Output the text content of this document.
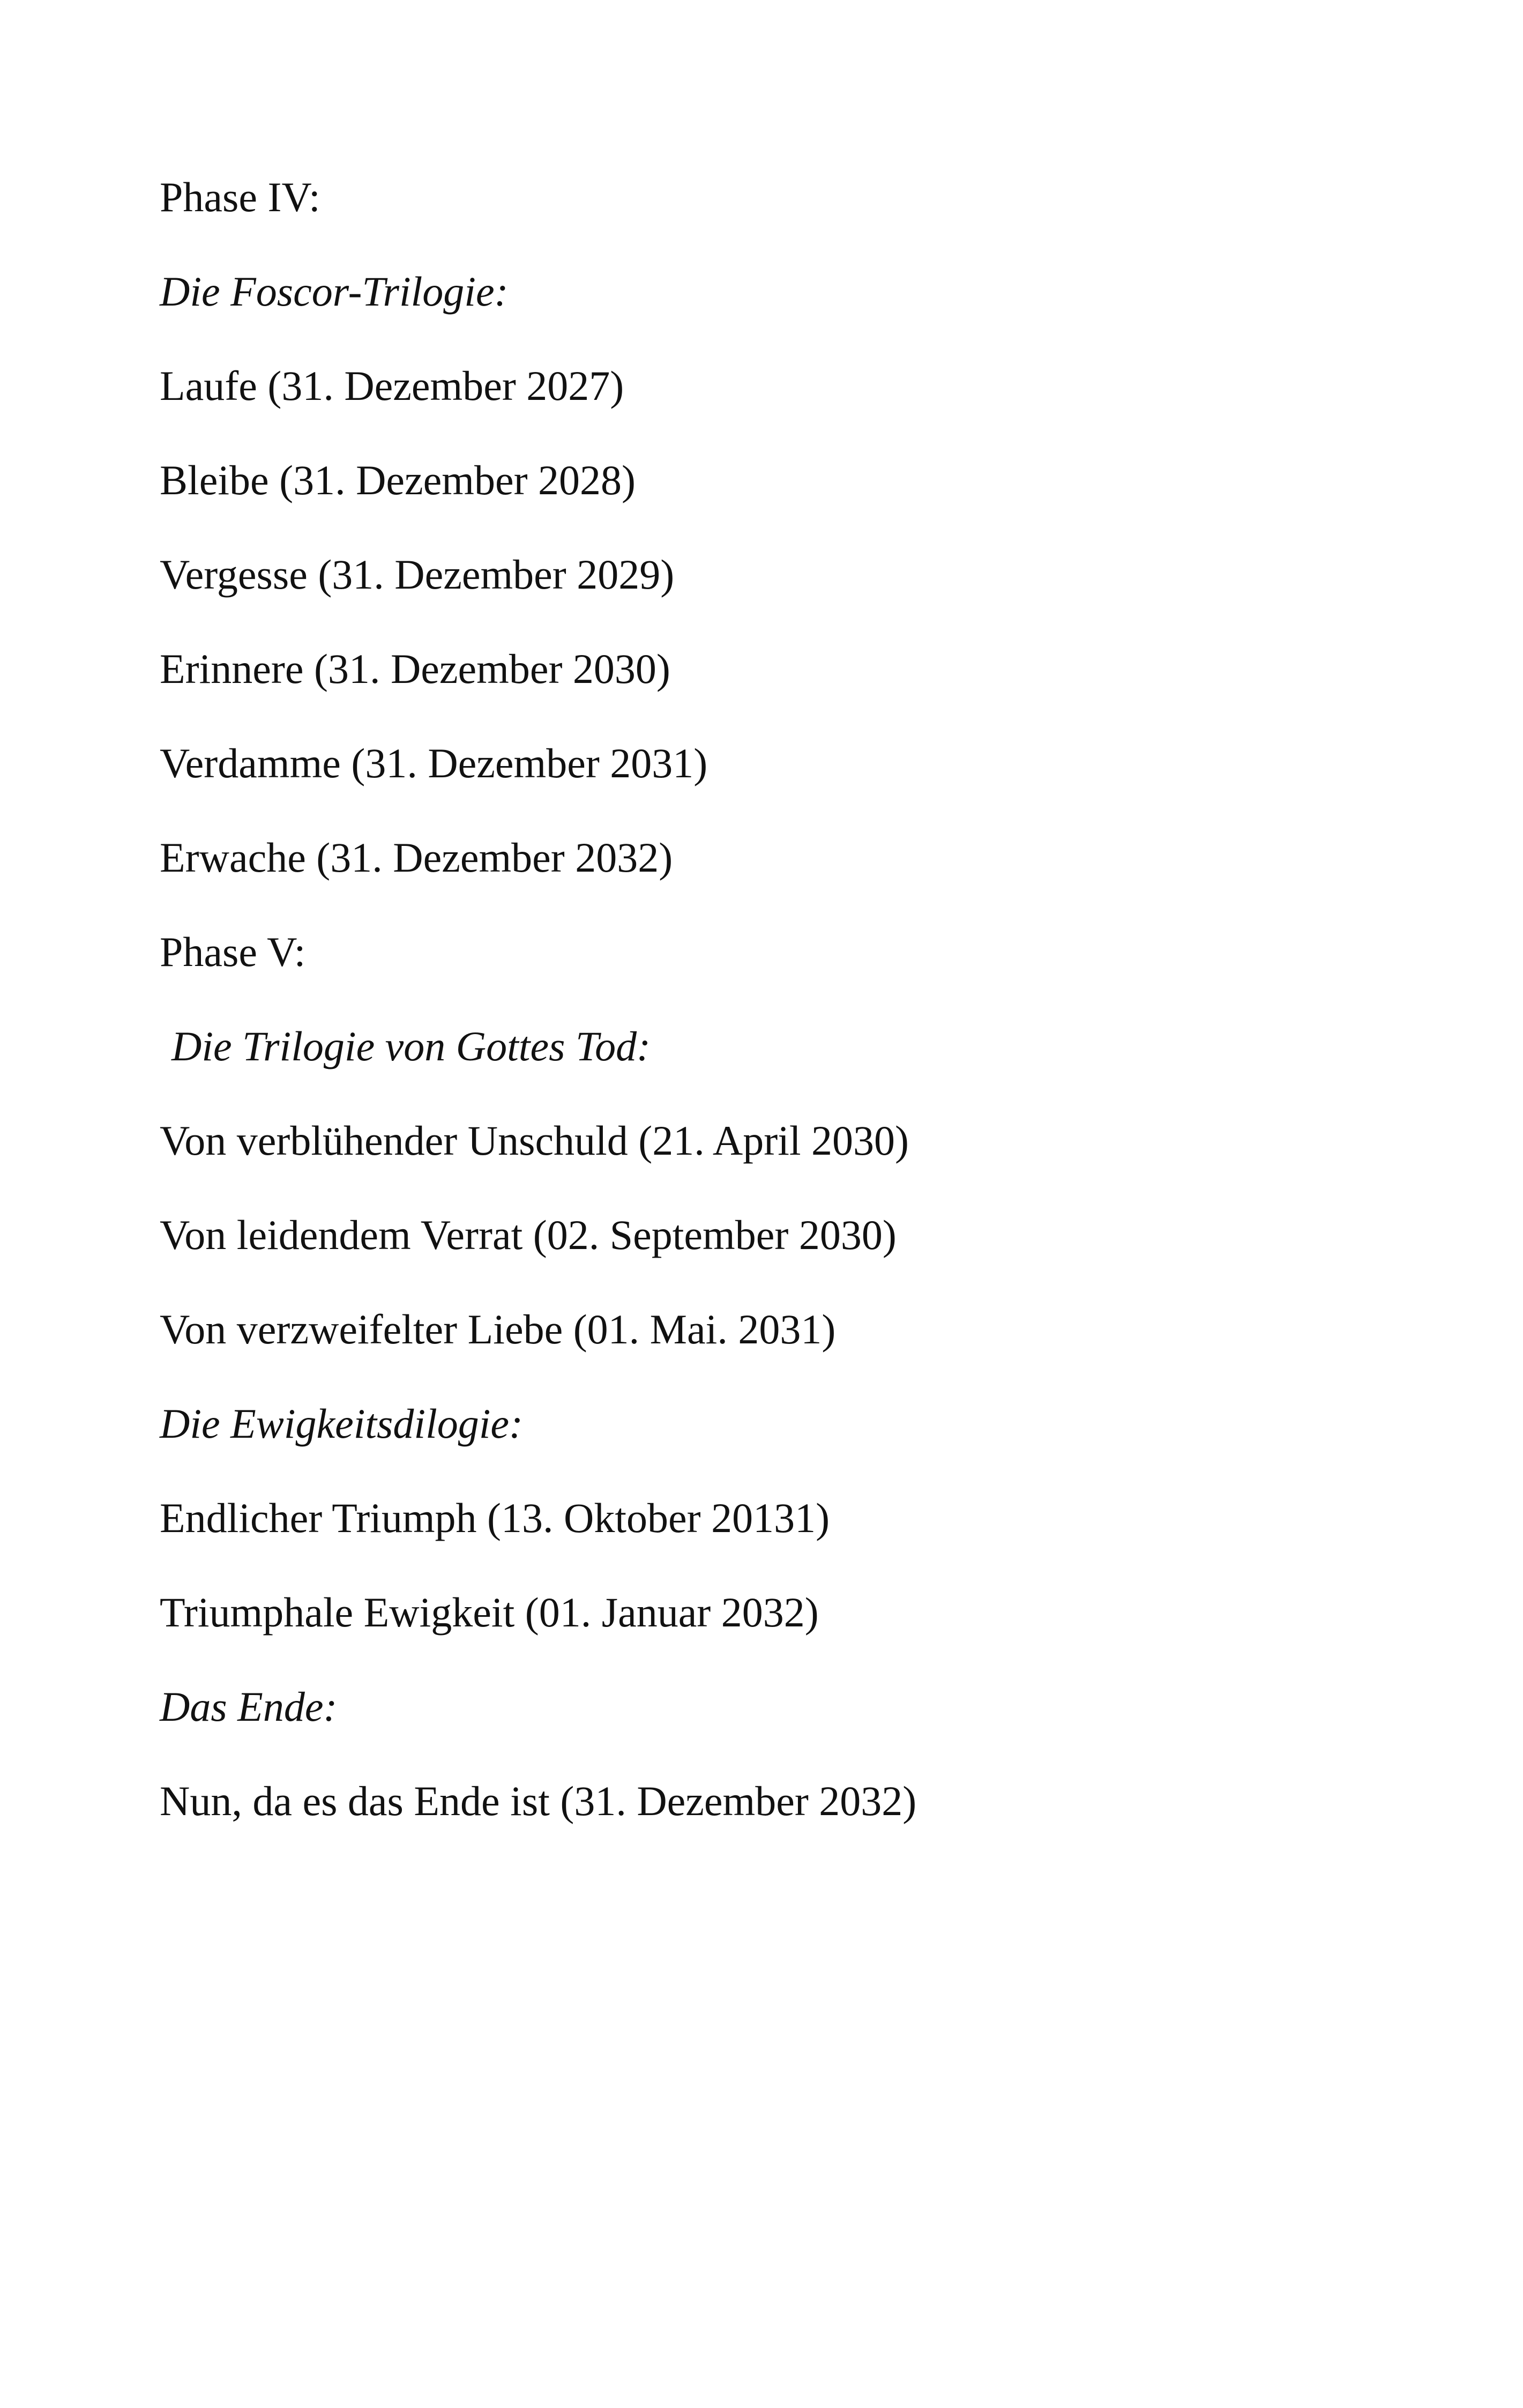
Phase IV:
Die Foscor-Trilogie:
Laufe (31. Dezember 2027)
Bleibe (31. Dezember 2028)
Vergesse (31. Dezember 2029)
Erinnere (31. Dezember 2030)
Verdamme (31. Dezember 2031)
Erwache (31. Dezember 2032)
Phase V:
Die Trilogie von Gottes Tod:
Von verblühender Unschuld (21. April 2030)
Von leidendem Verrat (02. September 2030)
Von verzweifelter Liebe (01. Mai. 2031)
Die Ewigkeitsdilogie:
Endlicher Triumph (13. Oktober 20131)
Triumphale Ewigkeit (01. Januar 2032)
Das Ende:
Nun, da es das Ende ist (31. Dezember 2032)
